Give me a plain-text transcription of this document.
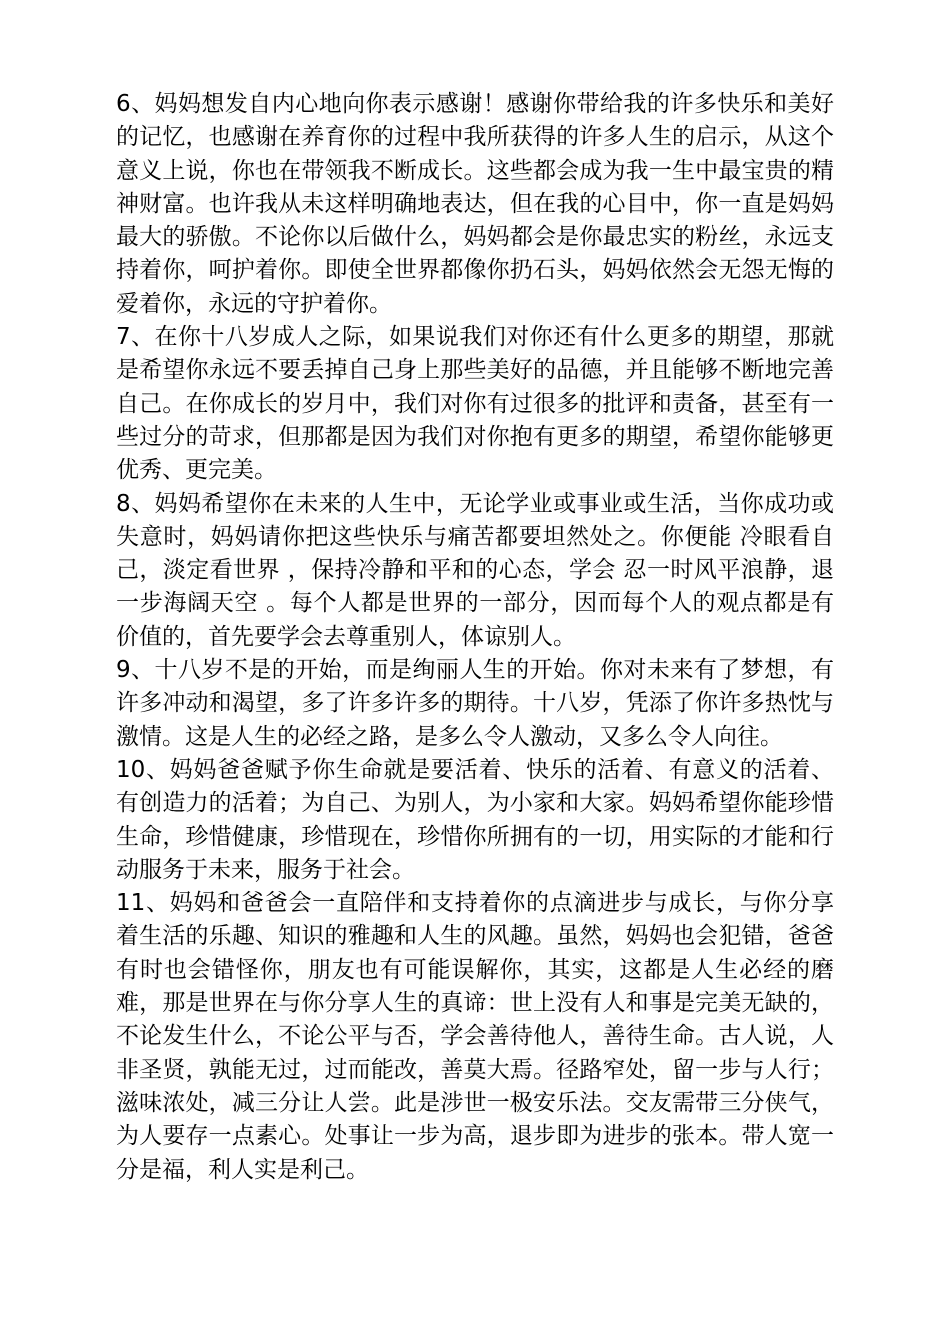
6、妈妈想发自内心地向你表示感谢！感谢你带给我的许多快乐和美好的记忆，也感谢在养育你的过程中我所获得的许多人生的启示，从这个意义上说，你也在带领我不断成长。这些都会成为我一生中最宝贵的精神财富。也许我从未这样明确地表达，但在我的心目中，你一直是妈妈最大的骄傲。不论你以后做什么，妈妈都会是你最忠实的粉丝，永远支持着你，呵护着你。即使全世界都像你扔石头，妈妈依然会无怨无悔的爱着你，永远的守护着你。

7、在你十八岁成人之际，如果说我们对你还有什么更多的期望，那就是希望你永远不要丢掉自己身上那些美好的品德，并且能够不断地完善自己。在你成长的岁月中，我们对你有过很多的批评和责备，甚至有一些过分的苛求，但那都是因为我们对你抱有更多的期望，希望你能够更优秀、更完美。

8、妈妈希望你在未来的人生中，无论学业或事业或生活，当你成功或失意时，妈妈请你把这些快乐与痛苦都要坦然处之。你便能 冷眼看自己，淡定看世界 ，保持冷静和平和的心态，学会 忍一时风平浪静，退一步海阔天空 。每个人都是世界的一部分，因而每个人的观点都是有价值的，首先要学会去尊重别人，体谅别人。

9、十八岁不是的开始，而是绚丽人生的开始。你对未来有了梦想，有许多冲动和渴望，多了许多许多的期待。十八岁，凭添了你许多热忱与激情。这是人生的必经之路，是多么令人激动，又多么令人向往。

10、妈妈爸爸赋予你生命就是要活着、快乐的活着、有意义的活着、有创造力的活着；为自己、为别人，为小家和大家。妈妈希望你能珍惜生命，珍惜健康，珍惜现在，珍惜你所拥有的一切，用实际的才能和行动服务于未来，服务于社会。

11、妈妈和爸爸会一直陪伴和支持着你的点滴进步与成长，与你分享着生活的乐趣、知识的雅趣和人生的风趣。虽然，妈妈也会犯错，爸爸有时也会错怪你，朋友也有可能误解你，其实，这都是人生必经的磨难，那是世界在与你分享人生的真谛：世上没有人和事是完美无缺的，不论发生什么，不论公平与否，学会善待他人，善待生命。古人说，人非圣贤，孰能无过，过而能改，善莫大焉。径路窄处，留一步与人行；滋味浓处，减三分让人尝。此是涉世一极安乐法。交友需带三分侠气，为人要存一点素心。处事让一步为高，退步即为进步的张本。带人宽一分是福，利人实是利己。
